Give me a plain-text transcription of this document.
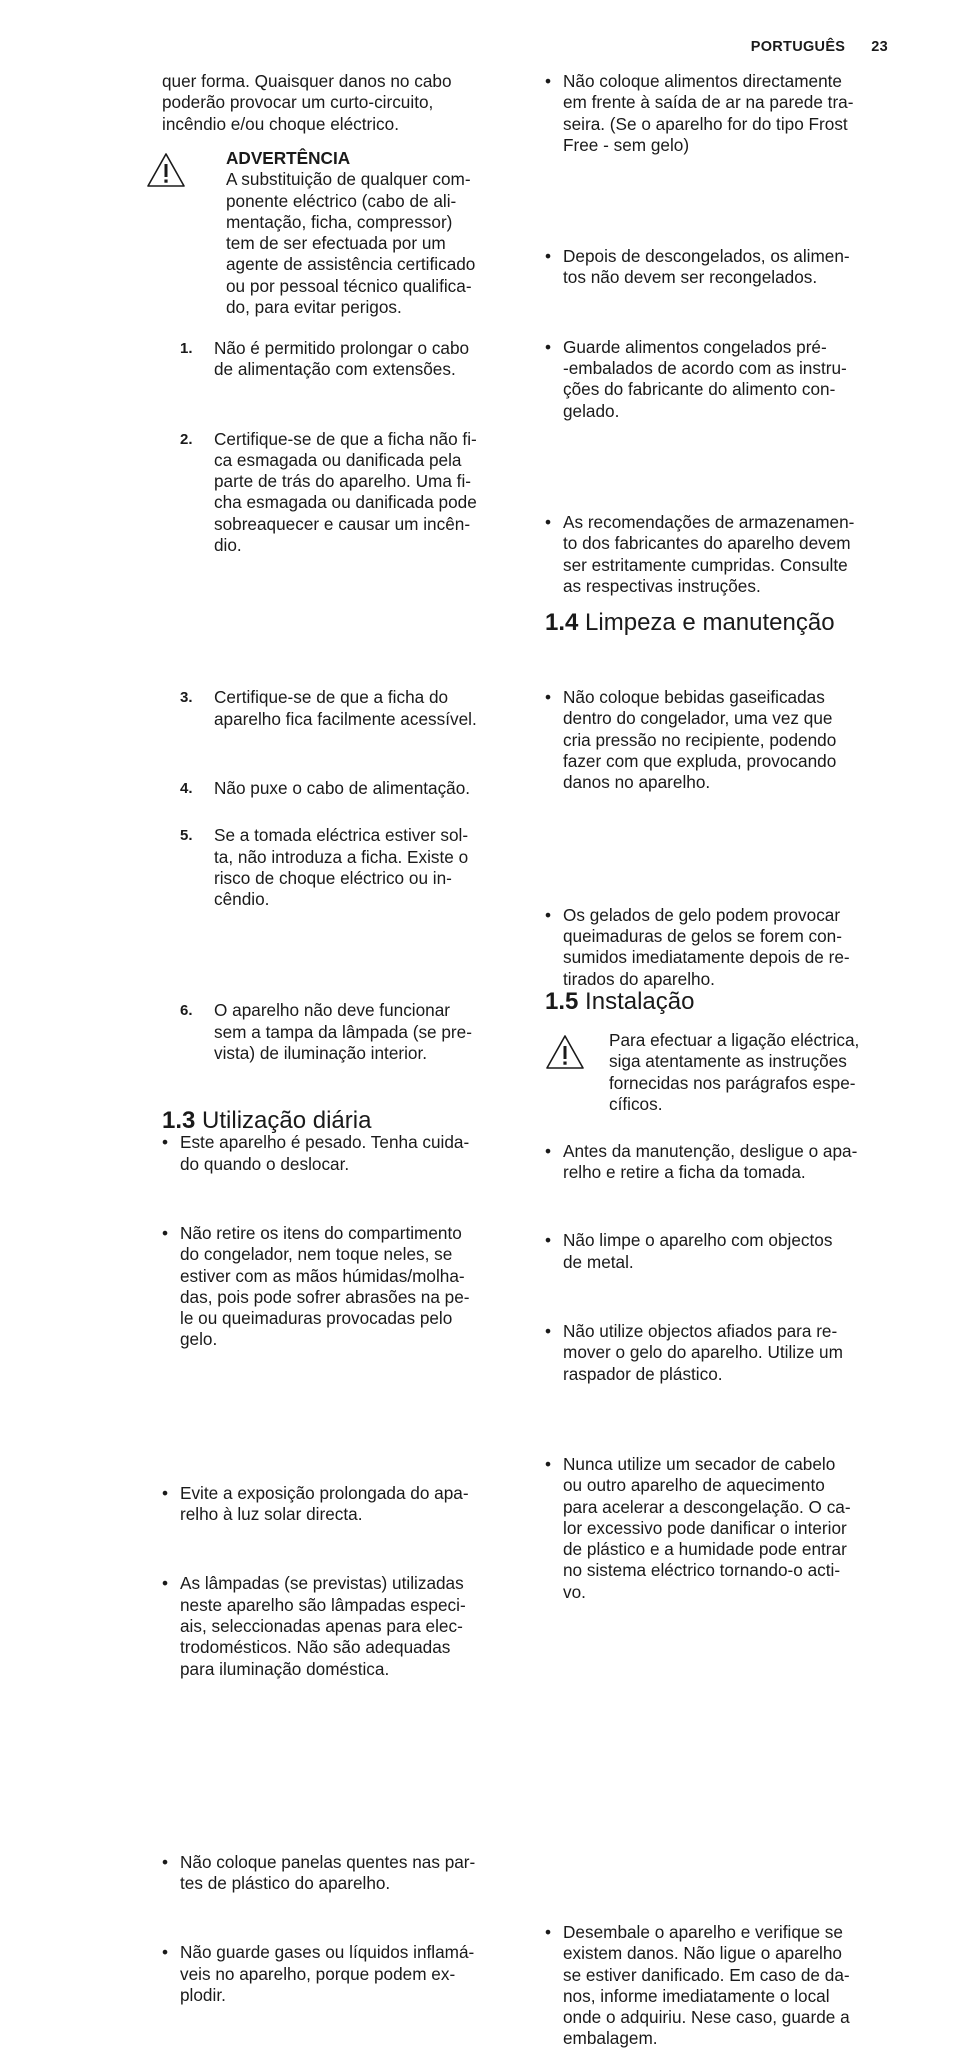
PORTUGUÊS 23

quer forma. Quaisquer danos no cabo

poderão provocar um curto-circuito,

incêndio e/ou choque eléctrico.

ADVERTÊNCIA

A substituição de qualquer com-

ponente eléctrico (cabo de ali-

mentação, ficha, compressor)

tem de ser efectuada por um

agente de assistência certificado

ou por pessoal técnico qualifica-

do, para evitar perigos.

1. Não é permitido prolongar o cabo

de alimentação com extensões.

2. Certifique-se de que a ficha não fi-

ca esmagada ou danificada pela

parte de trás do aparelho. Uma fi-

cha esmagada ou danificada pode

sobreaquecer e causar um incên-

dio.

3. Certifique-se de que a ficha do

aparelho fica facilmente acessível.

4. Não puxe o cabo de alimentação.

5. Se a tomada eléctrica estiver sol-

ta, não introduza a ficha. Existe o

risco de choque eléctrico ou in-

cêndio.

6. O aparelho não deve funcionar

sem a tampa da lâmpada (se pre-

vista) de iluminação interior.

• Este aparelho é pesado. Tenha cuida-

do quando o deslocar.

• Não retire os itens do compartimento

do congelador, nem toque neles, se

estiver com as mãos húmidas/molha-

das, pois pode sofrer abrasões na pe-

le ou queimaduras provocadas pelo

gelo.

• Evite a exposição prolongada do apa-

relho à luz solar directa.

• As lâmpadas (se previstas) utilizadas

neste aparelho são lâmpadas especi-

ais, seleccionadas apenas para elec-

trodomésticos. Não são adequadas

para iluminação doméstica.

1.3 Utilização diária

• Não coloque panelas quentes nas par-

tes de plástico do aparelho.

• Não guarde gases ou líquidos inflamá-

veis no aparelho, porque podem ex-

plodir.

• Não coloque alimentos directamente

em frente à saída de ar na parede tra-

seira. (Se o aparelho for do tipo Frost

Free - sem gelo)

• Depois de descongelados, os alimen-

tos não devem ser recongelados.

• Guarde alimentos congelados pré-

-embalados de acordo com as instru-

ções do fabricante do alimento con-

gelado.

• As recomendações de armazenamen-

to dos fabricantes do aparelho devem

ser estritamente cumpridas. Consulte

as respectivas instruções.

• Não coloque bebidas gaseificadas

dentro do congelador, uma vez que

cria pressão no recipiente, podendo

fazer com que expluda, provocando

danos no aparelho.

• Os gelados de gelo podem provocar

queimaduras de gelos se forem con-

sumidos imediatamente depois de re-

tirados do aparelho.

1.4 Limpeza e manutenção

• Antes da manutenção, desligue o apa-

relho e retire a ficha da tomada.

• Não limpe o aparelho com objectos

de metal.

• Não utilize objectos afiados para re-

mover o gelo do aparelho. Utilize um

raspador de plástico.

• Nunca utilize um secador de cabelo

ou outro aparelho de aquecimento

para acelerar a descongelação. O ca-

lor excessivo pode danificar o interior

de plástico e a humidade pode entrar

no sistema eléctrico tornando-o acti-

vo.

1.5 Instalação

Para efectuar a ligação eléctrica,

siga atentamente as instruções

fornecidas nos parágrafos espe-

cíficos.

• Desembale o aparelho e verifique se

existem danos. Não ligue o aparelho

se estiver danificado. Em caso de da-

nos, informe imediatamente o local

onde o adquiriu. Nese caso, guarde a

embalagem.
